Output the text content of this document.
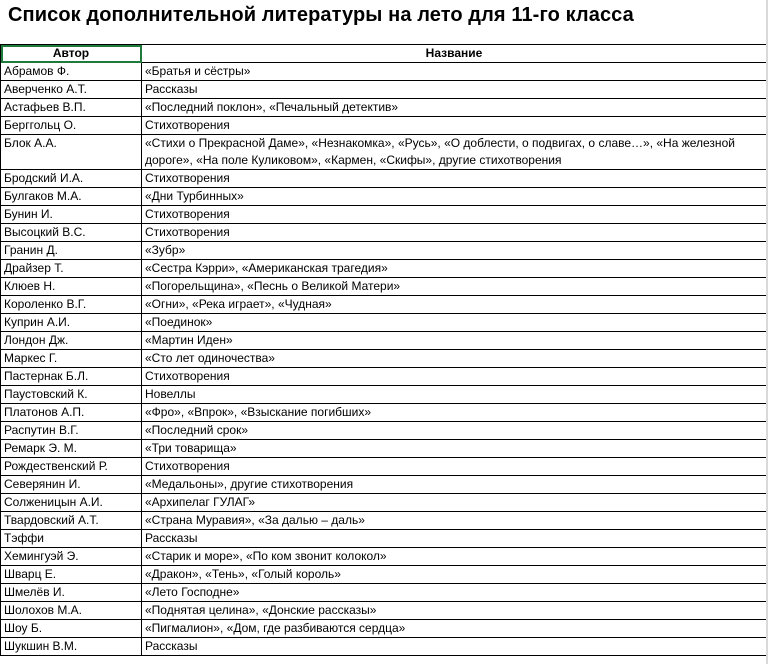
Список дополнительной литературы на лето для 11-го класса
Автор	Название
Абрамов Ф.	«Братья и сёстры»
Аверченко А.Т.	Рассказы
Астафьев В.П.	«Последний поклон», «Печальный детектив»
Берггольц О.	Стихотворения
Блок А.А.	«Стихи о Прекрасной Даме», «Незнакомка», «Русь», «О доблести, о подвигах, о славе…», «На железной дороге», «На поле Куликовом», «Кармен, «Скифы», другие стихотворения
Бродский И.А.	Стихотворения
Булгаков М.А.	«Дни Турбинных»
Бунин И.	Стихотворения
Высоцкий В.С.	Стихотворения
Гранин Д.	«Зубр»
Драйзер Т.	«Сестра Кэрри», «Американская трагедия»
Клюев Н.	«Погорельщина», «Песнь о Великой Матери»
Короленко В.Г.	«Огни», «Река играет», «Чудная»
Куприн А.И.	«Поединок»
Лондон Дж.	«Мартин Иден»
Маркес Г.	«Сто лет одиночества»
Пастернак Б.Л.	Стихотворения
Паустовский К.	Новеллы
Платонов А.П.	«Фро», «Впрок», «Взыскание погибших»
Распутин В.Г.	«Последний срок»
Ремарк Э. М.	«Три товарища»
Рождественский Р.	Стихотворения
Северянин И.	«Медальоны», другие стихотворения
Солженицын А.И.	«Архипелаг ГУЛАГ»
Твардовский А.Т.	«Страна Муравия», «За далью – даль»
Тэффи	Рассказы
Хемингуэй Э.	«Старик и море», «По ком звонит колокол»
Шварц Е.	«Дракон», «Тень», «Голый король»
Шмелёв И.	«Лето Господне»
Шолохов М.А.	«Поднятая целина», «Донские рассказы»
Шоу Б.	«Пигмалион», «Дом, где разбиваются сердца»
Шукшин В.М.	Рассказы
